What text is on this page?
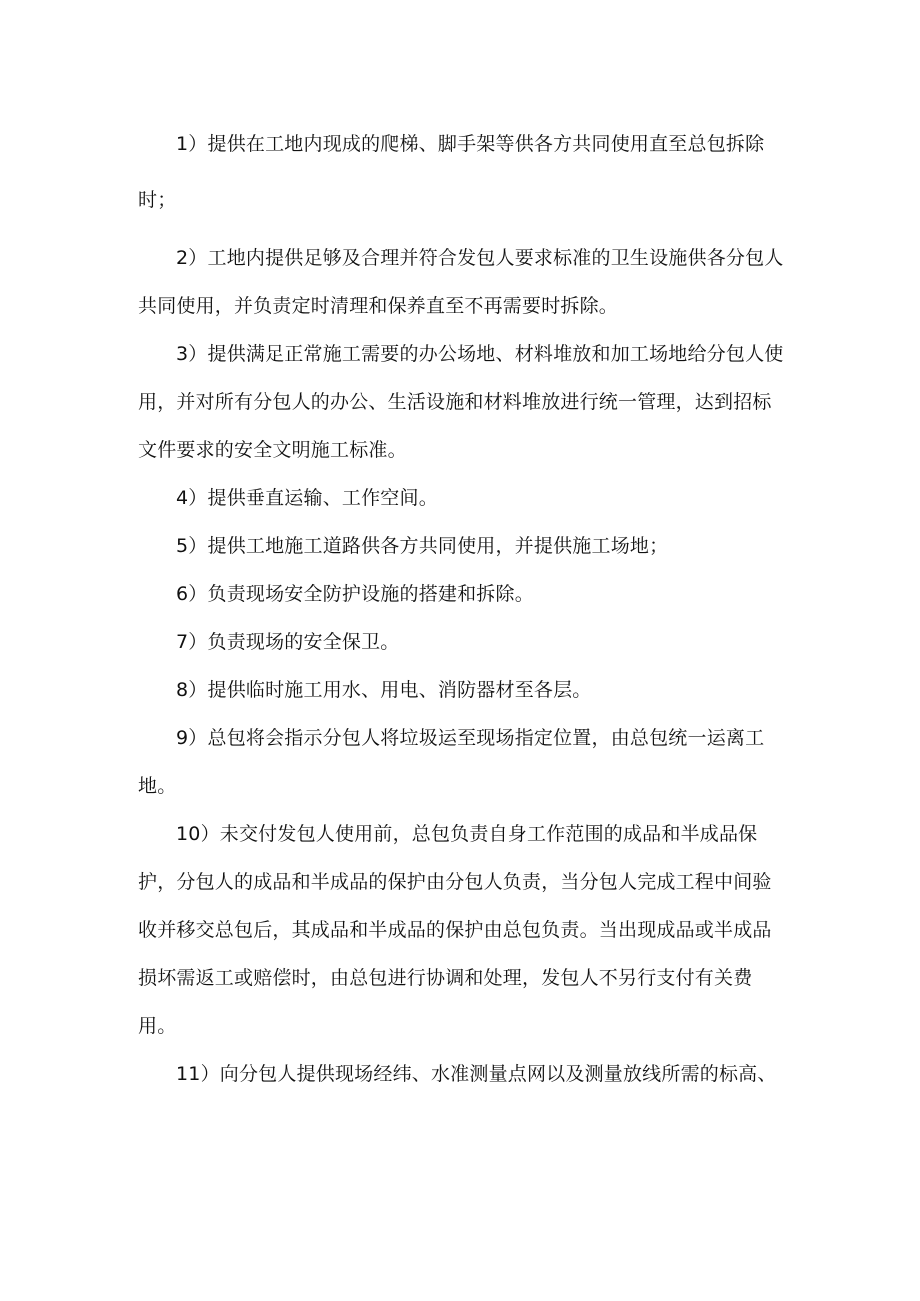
1）提供在工地内现成的爬梯、脚手架等供各方共同使用直至总包拆除时；

2）工地内提供足够及合理并符合发包人要求标准的卫生设施供各分包人共同使用，并负责定时清理和保养直至不再需要时拆除。

3）提供满足正常施工需要的办公场地、材料堆放和加工场地给分包人使用，并对所有分包人的办公、生活设施和材料堆放进行统一管理，达到招标文件要求的安全文明施工标准。

4）提供垂直运输、工作空间。

5）提供工地施工道路供各方共同使用，并提供施工场地；

6）负责现场安全防护设施的搭建和拆除。

7）负责现场的安全保卫。

8）提供临时施工用水、用电、消防器材至各层。

9）总包将会指示分包人将垃圾运至现场指定位置，由总包统一运离工地。

10）未交付发包人使用前，总包负责自身工作范围的成品和半成品保护，分包人的成品和半成品的保护由分包人负责，当分包人完成工程中间验收并移交总包后，其成品和半成品的保护由总包负责。当出现成品或半成品损坏需返工或赔偿时，由总包进行协调和处理，发包人不另行支付有关费用。

11）向分包人提供现场经纬、水准测量点网以及测量放线所需的标高、
